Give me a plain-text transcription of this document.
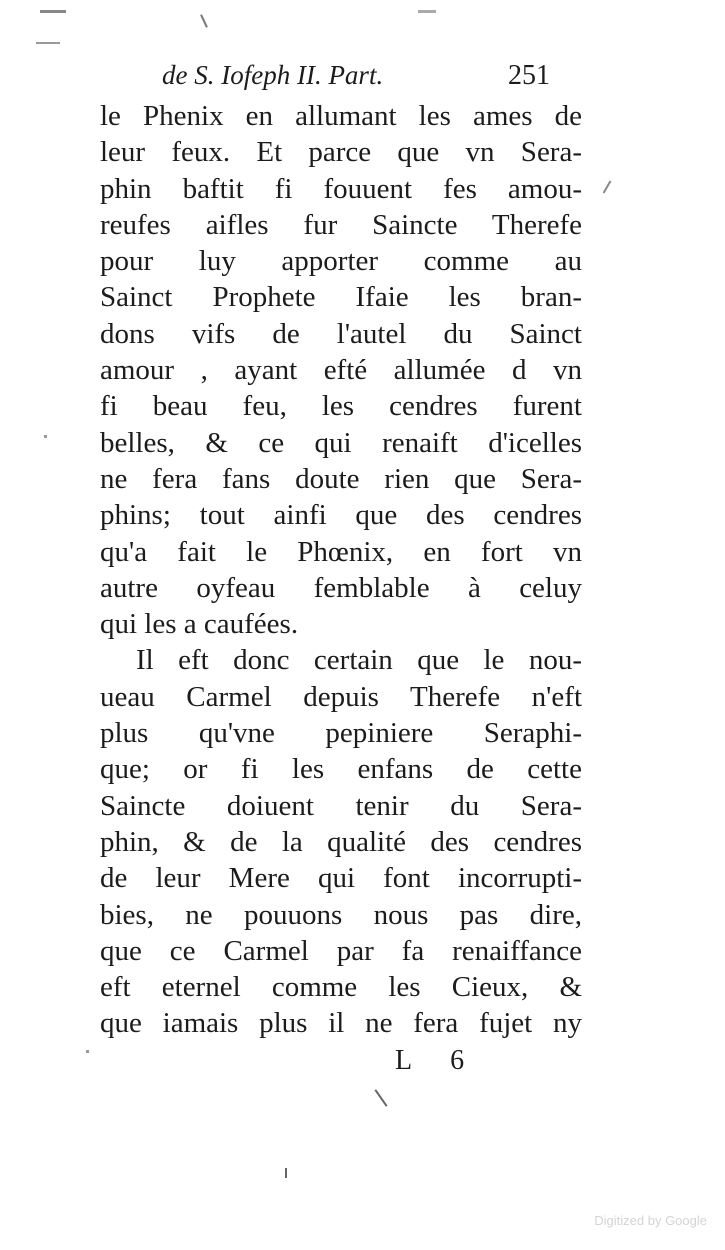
de S. Iofeph II. Part.	251
le Phenix en allumant les ames de
leur feux. Et parce que vn Sera-
phin baftit fi fouuent fes amou-
reufes aifles fur Saincte Therefe
pour luy apporter comme au
Sainct Prophete Ifaie les bran-
dons vifs de l'autel du Sainct
amour , ayant efté allumée d vn
fi beau feu, les cendres furent
belles, & ce qui renaift d'icelles
ne fera fans doute rien que Sera-
phins; tout ainfi que des cendres
qu'a fait le Phœnix, en fort vn
autre oyfeau femblable à celuy
qui les a caufées.
Il eft donc certain que le nou-
ueau Carmel depuis Therefe n'eft
plus qu'vne pepiniere Seraphi-
que; or fi les enfans de cette
Saincte doiuent tenir du Sera-
phin, & de la qualité des cendres
de leur Mere qui font incorrupti-
bies, ne pouuons nous pas dire,
que ce Carmel par fa renaiffance
eft eternel comme les Cieux, &
que iamais plus il ne fera fujet ny
L 6
Digitized by Google
